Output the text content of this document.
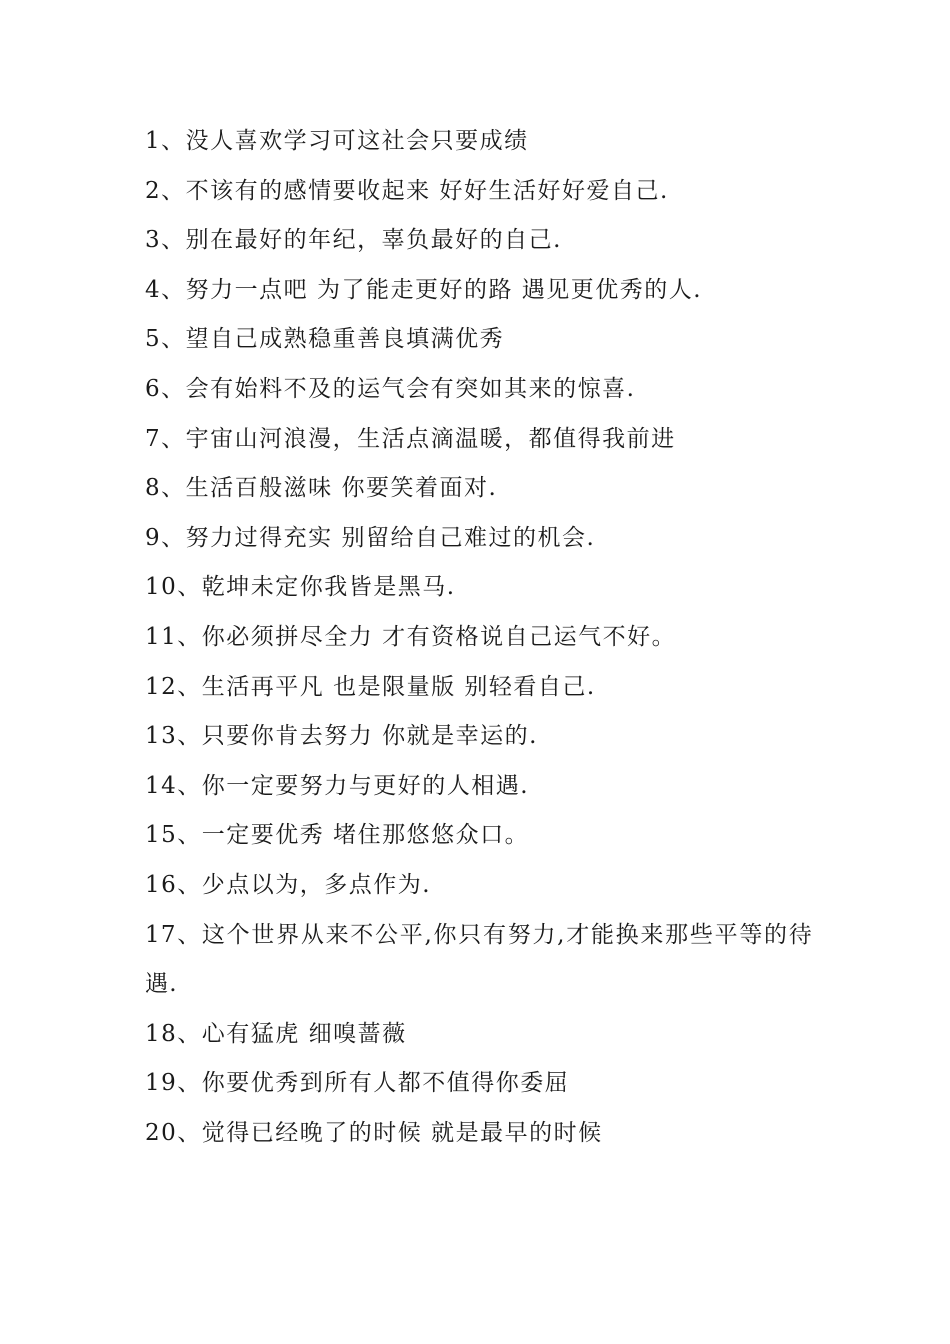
1、没人喜欢学习可这社会只要成绩

2、不该有的感情要收起来 好好生活好好爱自己.

3、别在最好的年纪，辜负最好的自己.

4、努力一点吧 为了能走更好的路 遇见更优秀的人.

5、望自己成熟稳重善良填满优秀

6、会有始料不及的运气会有突如其来的惊喜.

7、宇宙山河浪漫，生活点滴温暖，都值得我前进

8、生活百般滋味 你要笑着面对.

9、努力过得充实 别留给自己难过的机会.

10、乾坤未定你我皆是黑马.

11、你必须拼尽全力 才有资格说自己运气不好。

12、生活再平凡 也是限量版 别轻看自己.

13、只要你肯去努力 你就是幸运的.

14、你一定要努力与更好的人相遇.

15、一定要优秀 堵住那悠悠众口。

16、少点以为，多点作为.

17、这个世界从来不公平,你只有努力,才能换来那些平等的待遇.

18、心有猛虎 细嗅蔷薇

19、你要优秀到所有人都不值得你委屈

20、觉得已经晚了的时候 就是最早的时候
